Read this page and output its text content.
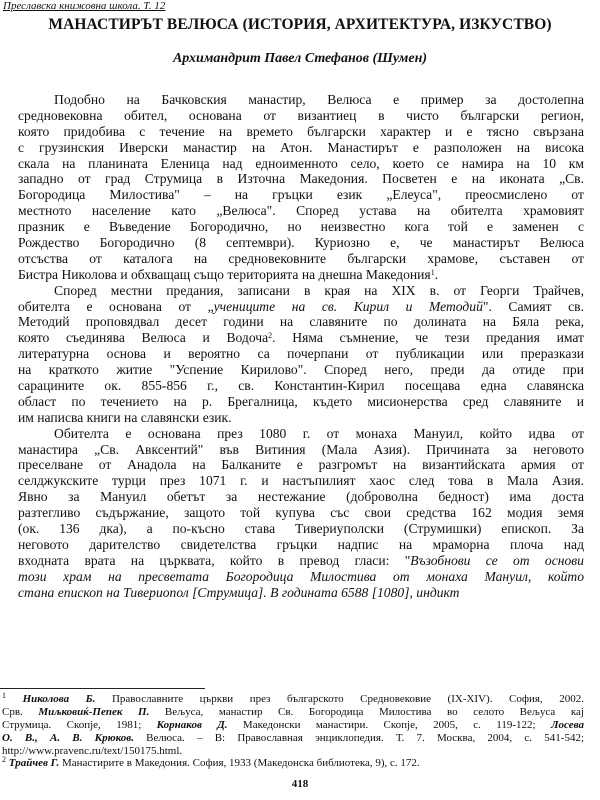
Преславска книжовна школа. Т. 12
МАНАСТИРЪТ ВЕЛЮСА (ИСТОРИЯ, АРХИТЕКТУРА, ИЗКУСТВО)
Архимандрит Павел Стефанов (Шумен)
Подобно на Бачковския манастир, Велюса е пример за достолепна
средновековна обител, основана от византиец в чисто български регион,
която придобива с течение на времето български характер и е тясно свързана
с грузинския Иверски манастир на Атон. Манастирът е разположен на висока
скала на планината Еленица над едноименното село, което се намира на 10 км
западно от град Струмица в Източна Македония. Посветен е на иконата „Св.
Богородица Милостива" – на гръцки език „Елеуса", преосмислено от
местното население като „Велюса". Според устава на обителта храмовият
празник е Въведение Богородично, но неизвестно кога той е заменен с
Рождество Богородично (8 септември). Куриозно е, че манастирът Велюса
отсъства от каталога на средновековните български храмове, съставен от
Бистра Николова и обхващащ също територията на днешна Македония$^1$.
Според местни предания, записани в края на XIX в. от Георги Трайчев,
обителта е основана от „учениците на св. Кирил и Методий". Самият св.
Методий проповядвал десет години на славяните по долината на Бяла река,
която съединява Велюса и Водоча$^2$. Няма съмнение, че тези предания имат
литературна основа и вероятно са почерпани от публикации или преразкази
на краткото житие "Успение Кирилово". Според него, преди да отиде при
сарацините ок. 855-856 г., св. Константин-Кирил посещава една славянска
област по течението на р. Брегалница, където мисионерства сред славяните и
им написва книги на славянски език.
Обителта е основана през 1080 г. от монаха Мануил, който идва от
манастира „Св. Авксентий" във Витиния (Мала Азия). Причината за неговото
преселване от Анадола на Балканите е разгромът на византийската армия от
селджукските турци през 1071 г. и настъпилият хаос след това в Мала Азия.
Явно за Мануил обетът за нестежание (доброволна бедност) има доста
разтегливо съдържание, защото той купува със свои средства 162 модия земя
(ок. 136 дка), а по-късно става Тивериуполски (Струмишки) епископ. За
неговото дарителство свидетелства гръцки надпис на мраморна плоча над
входната врата на църквата, който в превод гласи: "Възобнови се от основи
този храм на пресветата Богородица Милостива от монаха Мануил, който
стана епископ на Тивериопол [Струмица]. В годината 6588 [1080], индикт
$^1$ Николова Б. Православните църкви през българското Средновековие (IX-XIV). София, 2002.
Срв. Миљковиќ-Пепек П. Вељуса, манастир Св. Богородица Милостива во селото Вељуса кај
Струмица. Скопје, 1981; Корнаков Д. Македонски манастири. Скопје, 2005, с. 119-122; Лосева
О. В., А. В. Крюков. Велюса. – В: Православная энциклопедия. Т. 7. Москва, 2004, с. 541-542;
http://www.pravenc.ru/text/150175.html.
$^2$ Трайчев Г. Манастирите в Македония. София, 1933 (Македонска библиотека, 9), с. 172.
418
